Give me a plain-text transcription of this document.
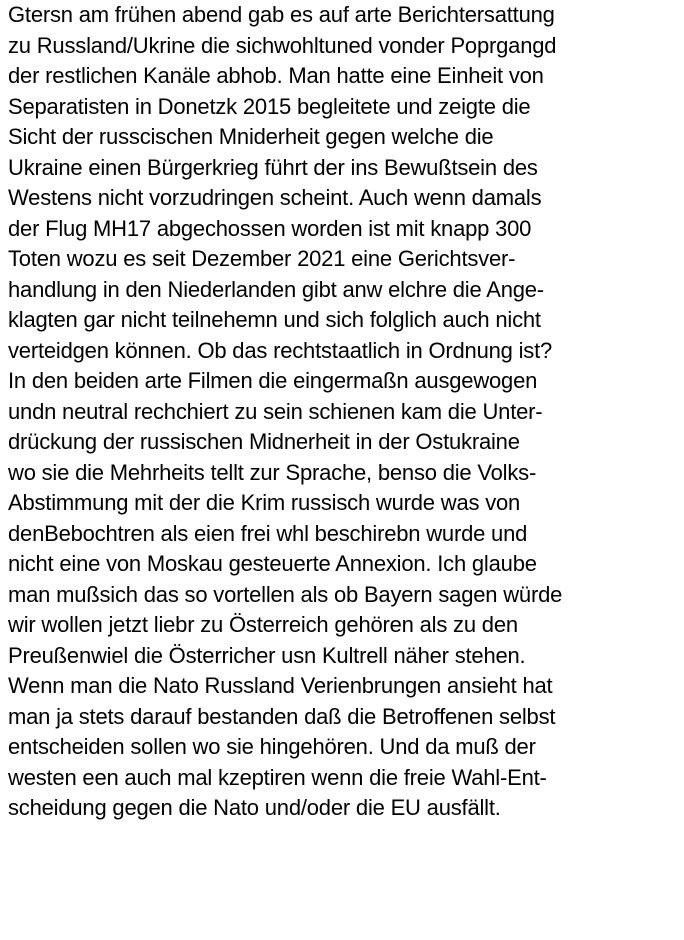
Gtersn am frühen abend gab es auf arte Berichtersattung
zu Russland/Ukrine die sichwohltuned vonder Poprgangd
der restlichen Kanäle abhob. Man hatte eine Einheit von
Separatisten in Donetzk 2015 begleitete und zeigte die
Sicht der russcischen Mniderheit gegen welche die
Ukraine einen Bürgerkrieg führt der ins Bewußtsein des
Westens nicht vorzudringen scheint. Auch wenn damals
der Flug MH17 abgechossen worden ist mit knapp 300
Toten wozu es seit Dezember 2021 eine Gerichtsver-
handlung in den Niederlanden gibt anw elchre die Ange-
klagten gar nicht teilnehemn und sich folglich auch nicht
verteidgen können. Ob das rechtstaatlich in Ordnung ist?
In den beiden arte Filmen die eingermaßn ausgewogen
undn neutral rechchiert zu sein schienen kam die Unter-
drückung der russischen Midnerheit in der Ostukraine
wo sie die Mehrheits tellt zur Sprache, benso die Volks-
Abstimmung mit der die Krim russisch wurde was von
denBebochtren als eien frei whl beschirebn wurde und
nicht eine von Moskau gesteuerte Annexion. Ich glaube
man mußsich das so vortellen als ob Bayern sagen würde
wir wollen jetzt liebr zu Österreich gehören als zu den
Preußenwiel die Österricher usn Kultrell näher stehen.
Wenn man die Nato Russland Verienbrungen ansieht hat
man ja stets darauf bestanden daß die Betroffenen selbst
entscheiden sollen wo sie hingehören. Und da muß der
westen een auch mal kzeptiren wenn die freie Wahl-Ent-
scheidung gegen die Nato und/oder die EU ausfällt.
